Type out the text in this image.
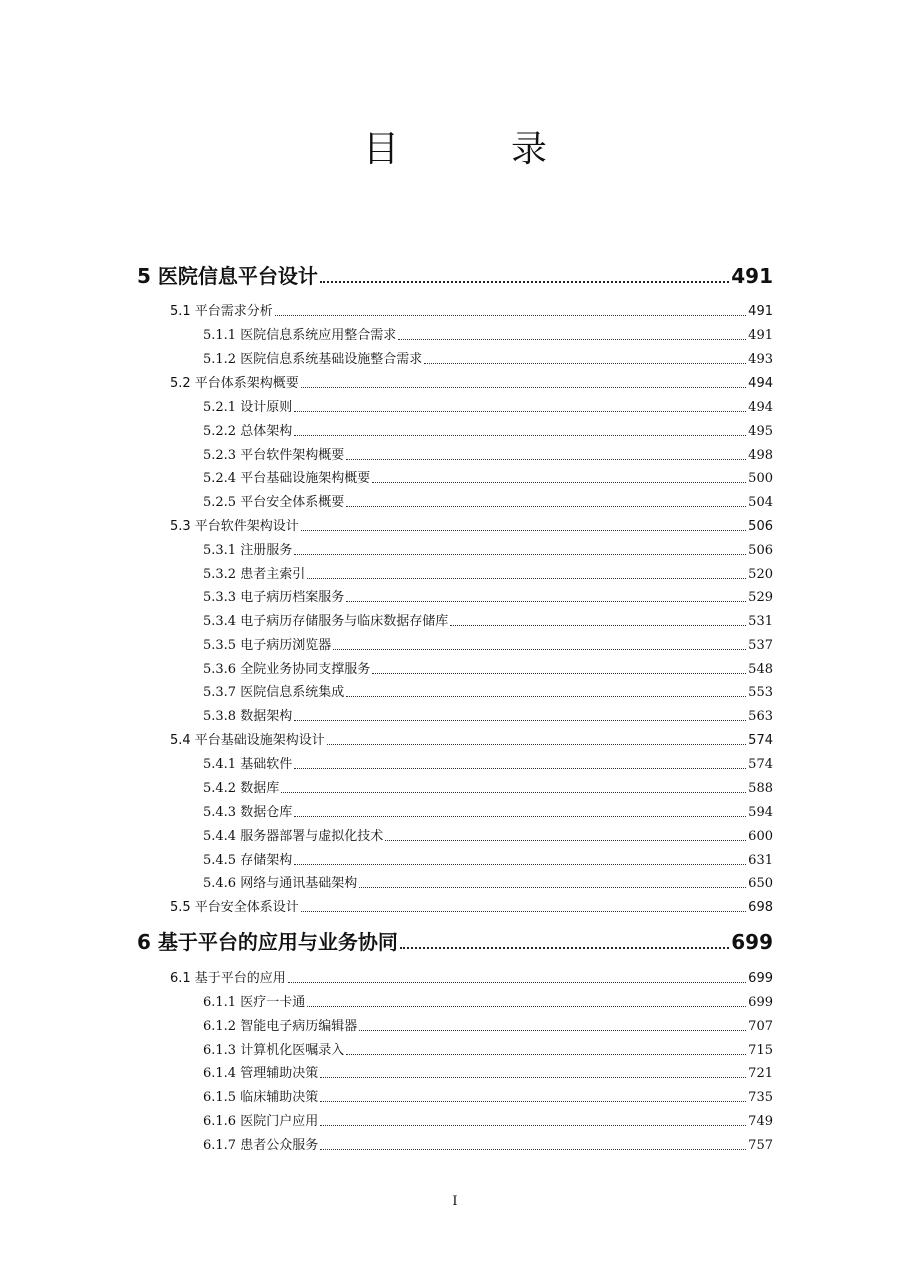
目　录
5 医院信息平台设计	491
5.1 平台需求分析	491
5.1.1 医院信息系统应用整合需求	491
5.1.2 医院信息系统基础设施整合需求	493
5.2 平台体系架构概要	494
5.2.1 设计原则	494
5.2.2 总体架构	495
5.2.3 平台软件架构概要	498
5.2.4 平台基础设施架构概要	500
5.2.5 平台安全体系概要	504
5.3 平台软件架构设计	506
5.3.1 注册服务	506
5.3.2 患者主索引	520
5.3.3 电子病历档案服务	529
5.3.4 电子病历存储服务与临床数据存储库	531
5.3.5 电子病历浏览器	537
5.3.6 全院业务协同支撑服务	548
5.3.7 医院信息系统集成	553
5.3.8 数据架构	563
5.4 平台基础设施架构设计	574
5.4.1 基础软件	574
5.4.2 数据库	588
5.4.3 数据仓库	594
5.4.4 服务器部署与虚拟化技术	600
5.4.5 存储架构	631
5.4.6 网络与通讯基础架构	650
5.5 平台安全体系设计	698
6 基于平台的应用与业务协同	699
6.1 基于平台的应用	699
6.1.1 医疗一卡通	699
6.1.2 智能电子病历编辑器	707
6.1.3 计算机化医嘱录入	715
6.1.4 管理辅助决策	721
6.1.5 临床辅助决策	735
6.1.6 医院门户应用	749
6.1.7 患者公众服务	757
I
